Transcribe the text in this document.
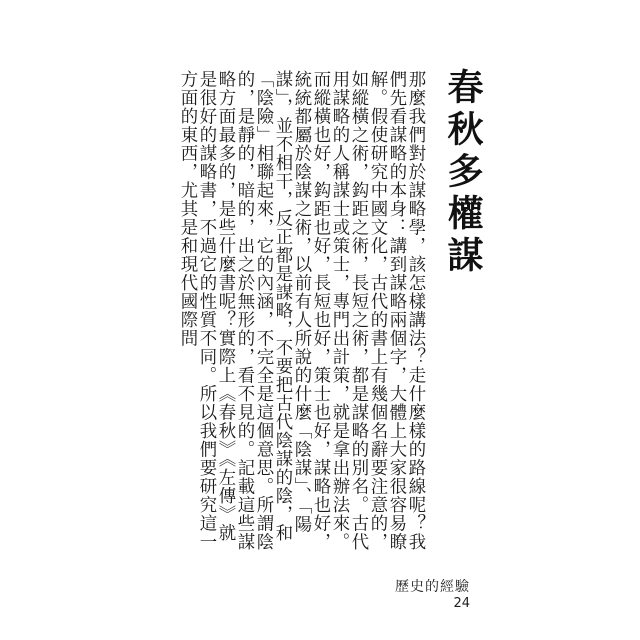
春秋多權謀

那麼我們對於謀略學，該怎樣講法？走什麼樣的路線呢？我們先看謀略的本身：講到謀略兩個字，大體上大家很容易瞭解。假使研究中國文化，古代的書上有幾個名辭要注意的，如縱橫之術，鈎距之術，長短之術，都是謀略的別名。古代用謀略的人稱謀士或策士，專門出計策，就是拿出辦法來。而縱橫也好，鈎距也好，長短也好，策士也好，謀略也好，統統都屬於陰謀之術，以前有人所說的什麼「陰謀」、「陽謀」，並不相干，反正都是謀略，不要把古代陰謀的陰，和「陰險」相聯起來，它的內涵，不完全是這個意思。所謂陰的，是靜的，暗的，出之於無形的，看不見的。記載這些謀略方面最多的，是些什麼書呢？實際上《春秋》《左傳》就是很好的謀略書，不過它的性質不同。所以我們要研究這一方面的東西，尤其是和現代國際問

歷史的經驗
24
